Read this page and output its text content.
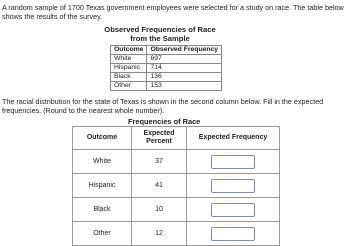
A random sample of 1700 Texas government employees were selected for a study on race. The table below shows the results of the survey.
Observed Frequencies of Race
from the Sample
Outcome	Observed Frequency
White	697
Hispanic	714
Black	136
Other	153
The racial distribution for the state of Texas is shown in the second column below. Fill in the expected frequencies. (Round to the nearest whole number).
Frequencies of Race
Outcome	Expected Percent	Expected Frequency
White	37	
Hispanic	41	
Black	10	
Other	12	
